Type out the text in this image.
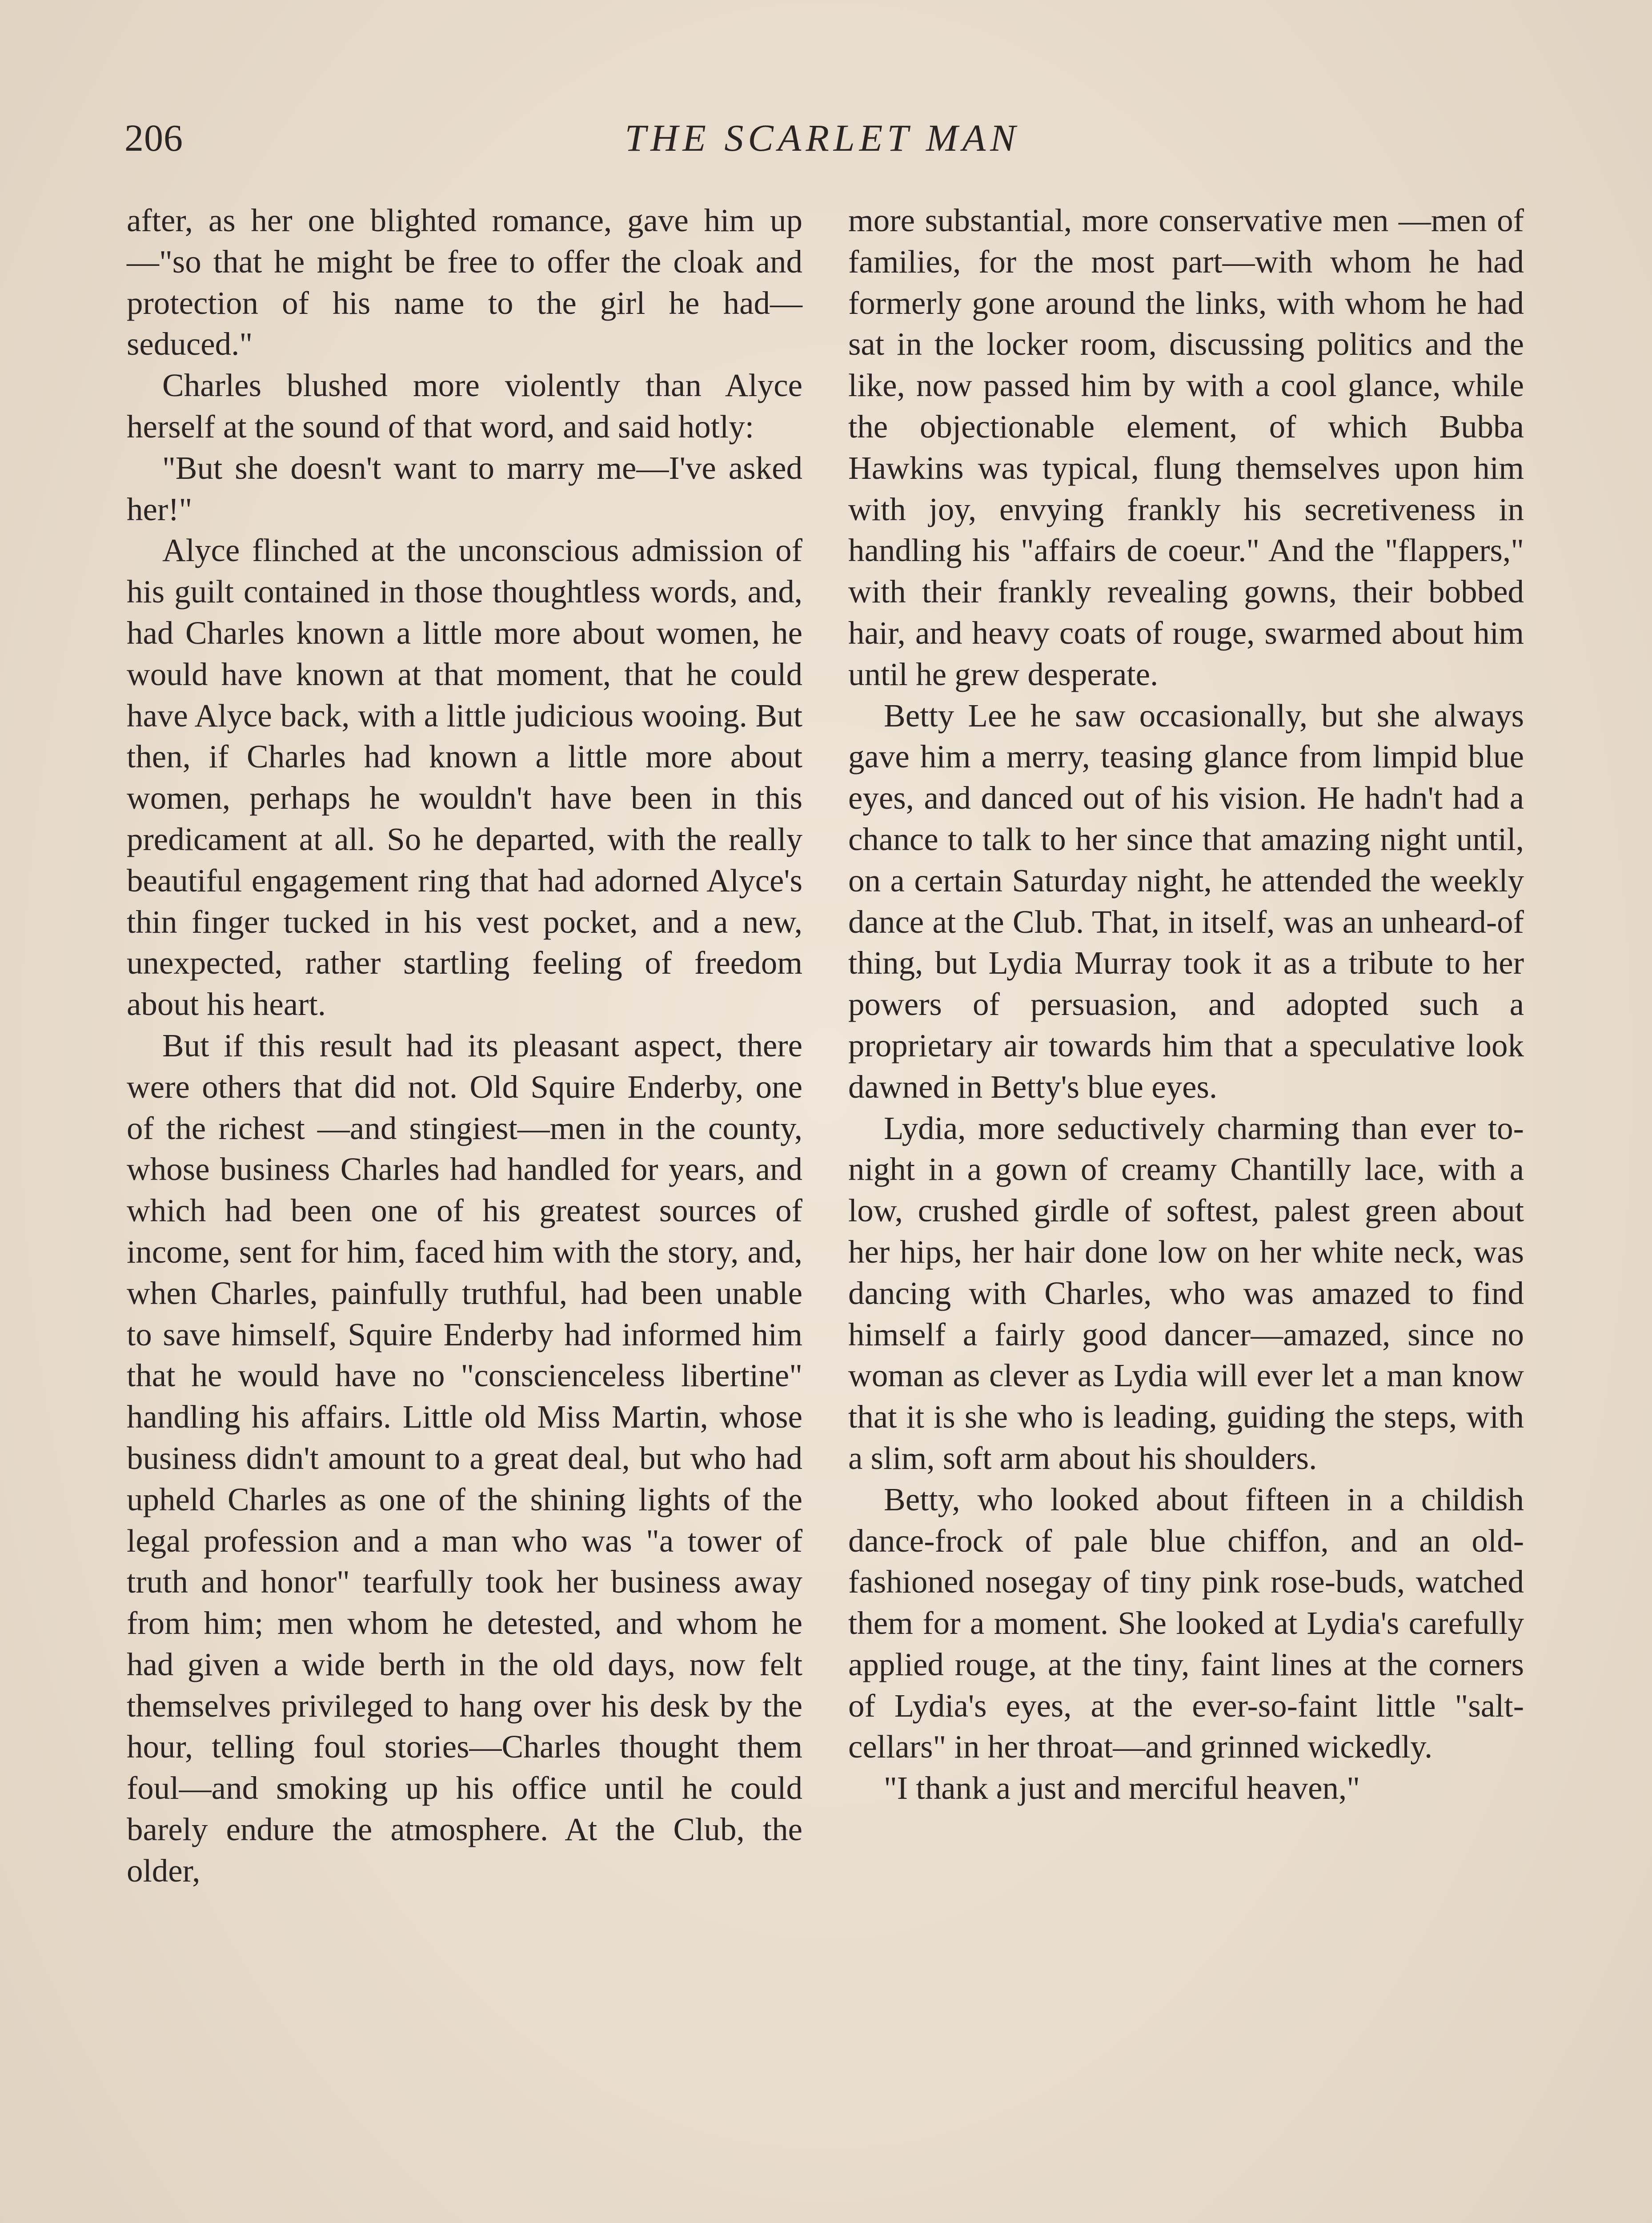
206	THE SCARLET MAN

after, as her one blighted romance, gave him up—"so that he might be free to offer the cloak and protection of his name to the girl he had—seduced."

Charles blushed more violently than Alyce herself at the sound of that word, and said hotly:

"But she doesn't want to marry me—I've asked her!"

Alyce flinched at the unconscious admission of his guilt contained in those thoughtless words, and, had Charles known a little more about women, he would have known at that moment, that he could have Alyce back, with a little judicious wooing. But then, if Charles had known a little more about women, perhaps he wouldn't have been in this predicament at all. So he departed, with the really beautiful engagement ring that had adorned Alyce's thin finger tucked in his vest pocket, and a new, unexpected, rather startling feeling of freedom about his heart.

But if this result had its pleasant aspect, there were others that did not. Old Squire Enderby, one of the richest —and stingiest—men in the county, whose business Charles had handled for years, and which had been one of his greatest sources of income, sent for him, faced him with the story, and, when Charles, painfully truthful, had been unable to save himself, Squire Enderby had informed him that he would have no "conscienceless libertine" handling his affairs. Little old Miss Martin, whose business didn't amount to a great deal, but who had upheld Charles as one of the shining lights of the legal profession and a man who was "a tower of truth and honor" tearfully took her business away from him; men whom he detested, and whom he had given a wide berth in the old days, now felt themselves privileged to hang over his desk by the hour, telling foul stories—Charles thought them foul—and smoking up his office until he could barely endure the atmosphere. At the Club, the older,

more substantial, more conservative men —men of families, for the most part—with whom he had formerly gone around the links, with whom he had sat in the locker room, discussing politics and the like, now passed him by with a cool glance, while the objectionable element, of which Bubba Hawkins was typical, flung themselves upon him with joy, envying frankly his secretiveness in handling his "affairs de coeur." And the "flappers," with their frankly revealing gowns, their bobbed hair, and heavy coats of rouge, swarmed about him until he grew desperate.

Betty Lee he saw occasionally, but she always gave him a merry, teasing glance from limpid blue eyes, and danced out of his vision. He hadn't had a chance to talk to her since that amazing night until, on a certain Saturday night, he attended the weekly dance at the Club. That, in itself, was an unheard-of thing, but Lydia Murray took it as a tribute to her powers of persuasion, and adopted such a proprietary air towards him that a speculative look dawned in Betty's blue eyes.

Lydia, more seductively charming than ever to-night in a gown of creamy Chantilly lace, with a low, crushed girdle of softest, palest green about her hips, her hair done low on her white neck, was dancing with Charles, who was amazed to find himself a fairly good dancer—amazed, since no woman as clever as Lydia will ever let a man know that it is she who is leading, guiding the steps, with a slim, soft arm about his shoulders.

Betty, who looked about fifteen in a childish dance-frock of pale blue chiffon, and an old-fashioned nosegay of tiny pink rose-buds, watched them for a moment. She looked at Lydia's carefully applied rouge, at the tiny, faint lines at the corners of Lydia's eyes, at the ever-so-faint little "salt-cellars" in her throat—and grinned wickedly.

"I thank a just and merciful heaven,"
